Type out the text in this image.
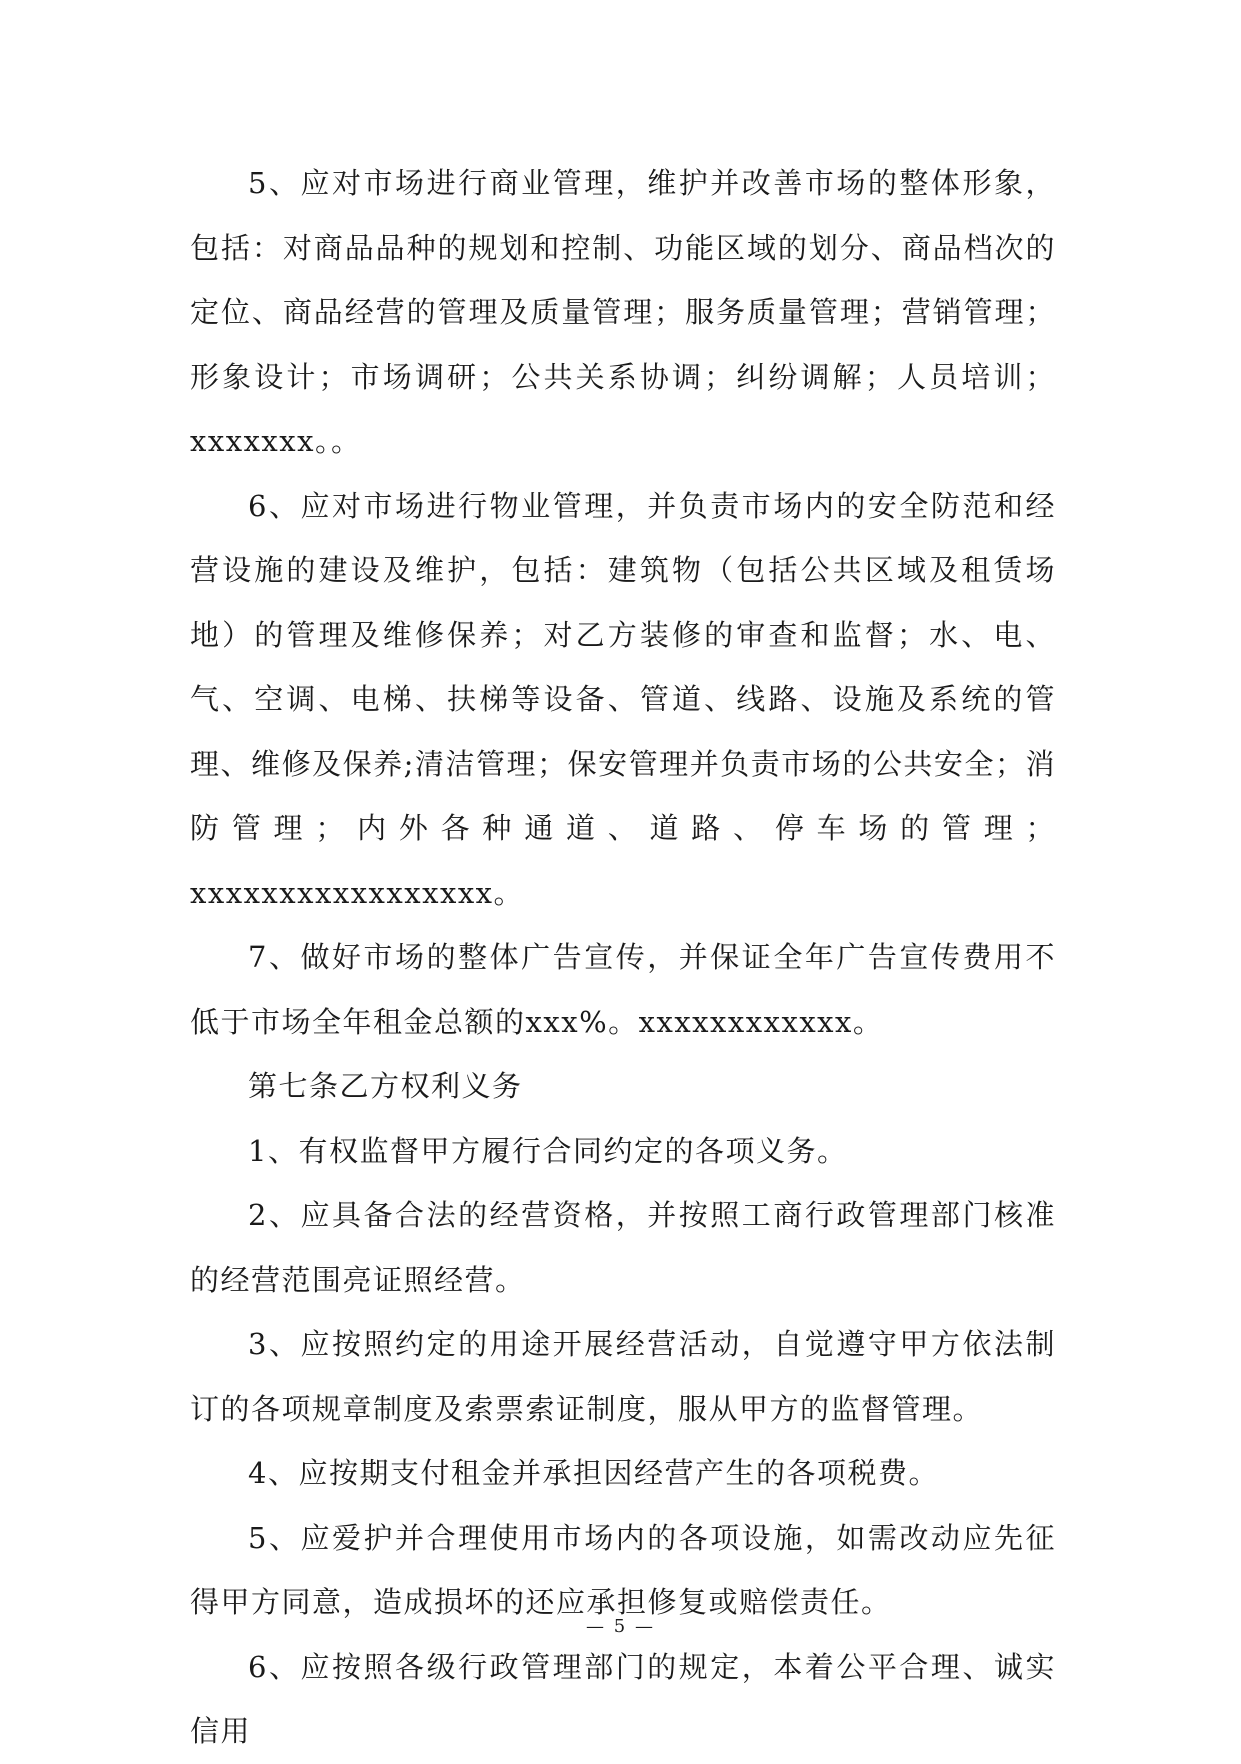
5、应对市场进行商业管理，维护并改善市场的整体形象，包括：对商品品种的规划和控制、功能区域的划分、商品档次的定位、商品经营的管理及质量管理；服务质量管理；营销管理；形象设计；市场调研；公共关系协调；纠纷调解；人员培训；xxxxxxx。。

6、应对市场进行物业管理，并负责市场内的安全防范和经营设施的建设及维护，包括：建筑物（包括公共区域及租赁场地）的管理及维修保养；对乙方装修的审查和监督；水、电、气、空调、电梯、扶梯等设备、管道、线路、设施及系统的管理、维修及保养;清洁管理；保安管理并负责市场的公共安全；消防管理；内外各种通道、道路、停车场的管理；xxxxxxxxxxxxxxxxx。

7、做好市场的整体广告宣传，并保证全年广告宣传费用不低于市场全年租金总额的xxx%。xxxxxxxxxxxx。

第七条乙方权利义务

1、有权监督甲方履行合同约定的各项义务。

2、应具备合法的经营资格，并按照工商行政管理部门核准的经营范围亮证照经营。

3、应按照约定的用途开展经营活动，自觉遵守甲方依法制订的各项规章制度及索票索证制度，服从甲方的监督管理。

4、应按期支付租金并承担因经营产生的各项税费。

5、应爱护并合理使用市场内的各项设施，如需改动应先征得甲方同意，造成损坏的还应承担修复或赔偿责任。

6、应按照各级行政管理部门的规定，本着公平合理、诚实信用

— 5 —
